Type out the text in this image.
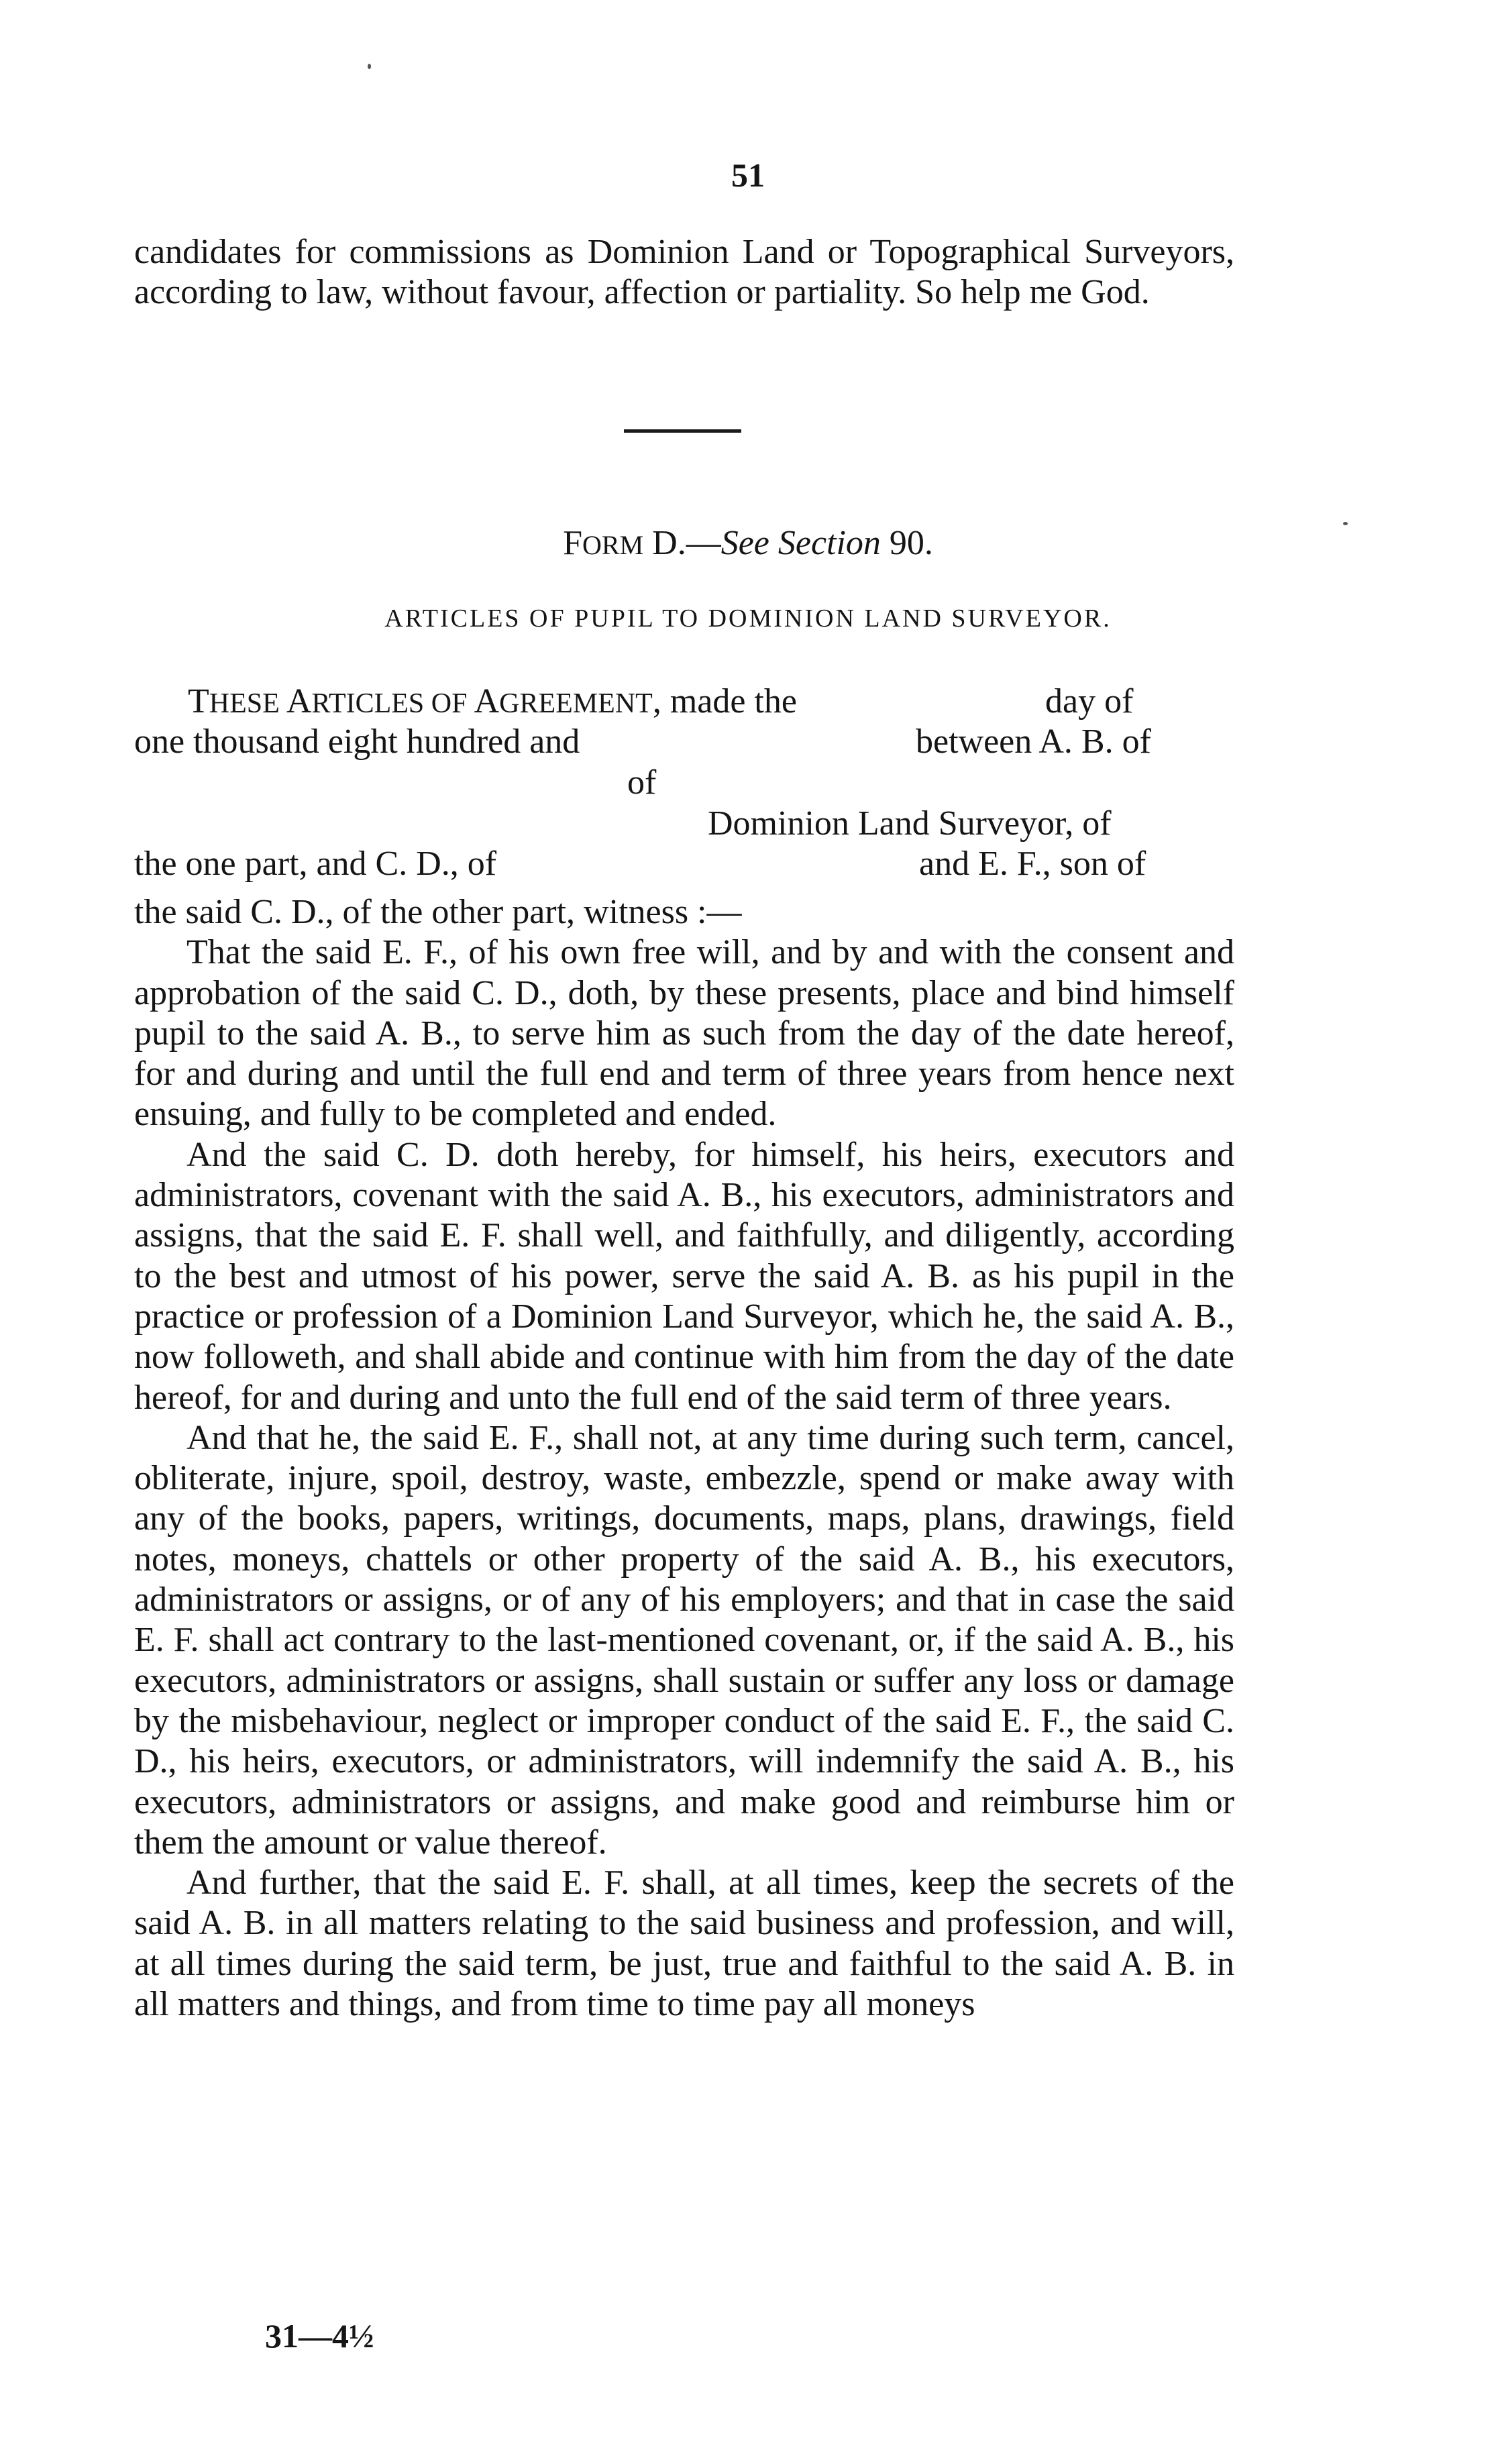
51

candidates for commissions as Dominion Land or Topographical Surveyors, according to law, without favour, affection or partiality. So help me God.

FORM D.—See Section 90.
ARTICLES OF PUPIL TO DOMINION LAND SURVEYOR.
THESE ARTICLES OF AGREEMENT, made the	day of
one thousand eight hundred and	between A. B. of
of
Dominion Land Surveyor, of
the one part, and C. D., of	and E. F., son of

the said C. D., of the other part, witness :—

That the said E. F., of his own free will, and by and with the consent and approbation of the said C. D., doth, by these presents, place and bind himself pupil to the said A. B., to serve him as such from the day of the date hereof, for and during and until the full end and term of three years from hence next ensuing, and fully to be completed and ended.

And the said C. D. doth hereby, for himself, his heirs, executors and administrators, covenant with the said A. B., his executors, administrators and assigns, that the said E. F. shall well, and faithfully, and diligently, according to the best and utmost of his power, serve the said A. B. as his pupil in the practice or profession of a Dominion Land Surveyor, which he, the said A. B., now followeth, and shall abide and continue with him from the day of the date hereof, for and during and unto the full end of the said term of three years.

And that he, the said E. F., shall not, at any time during such term, cancel, obliterate, injure, spoil, destroy, waste, embezzle, spend or make away with any of the books, papers, writings, documents, maps, plans, drawings, field notes, moneys, chattels or other property of the said A. B., his executors, administrators or assigns, or of any of his employers; and that in case the said E. F. shall act contrary to the last-mentioned covenant, or, if the said A. B., his executors, administrators or assigns, shall sustain or suffer any loss or damage by the misbehaviour, neglect or improper conduct of the said E. F., the said C. D., his heirs, executors, or administrators, will indemnify the said A. B., his executors, administrators or assigns, and make good and reimburse him or them the amount or value thereof.

And further, that the said E. F. shall, at all times, keep the secrets of the said A. B. in all matters relating to the said business and profession, and will, at all times during the said term, be just, true and faithful to the said A. B. in all matters and things, and from time to time pay all moneys

31—4½
